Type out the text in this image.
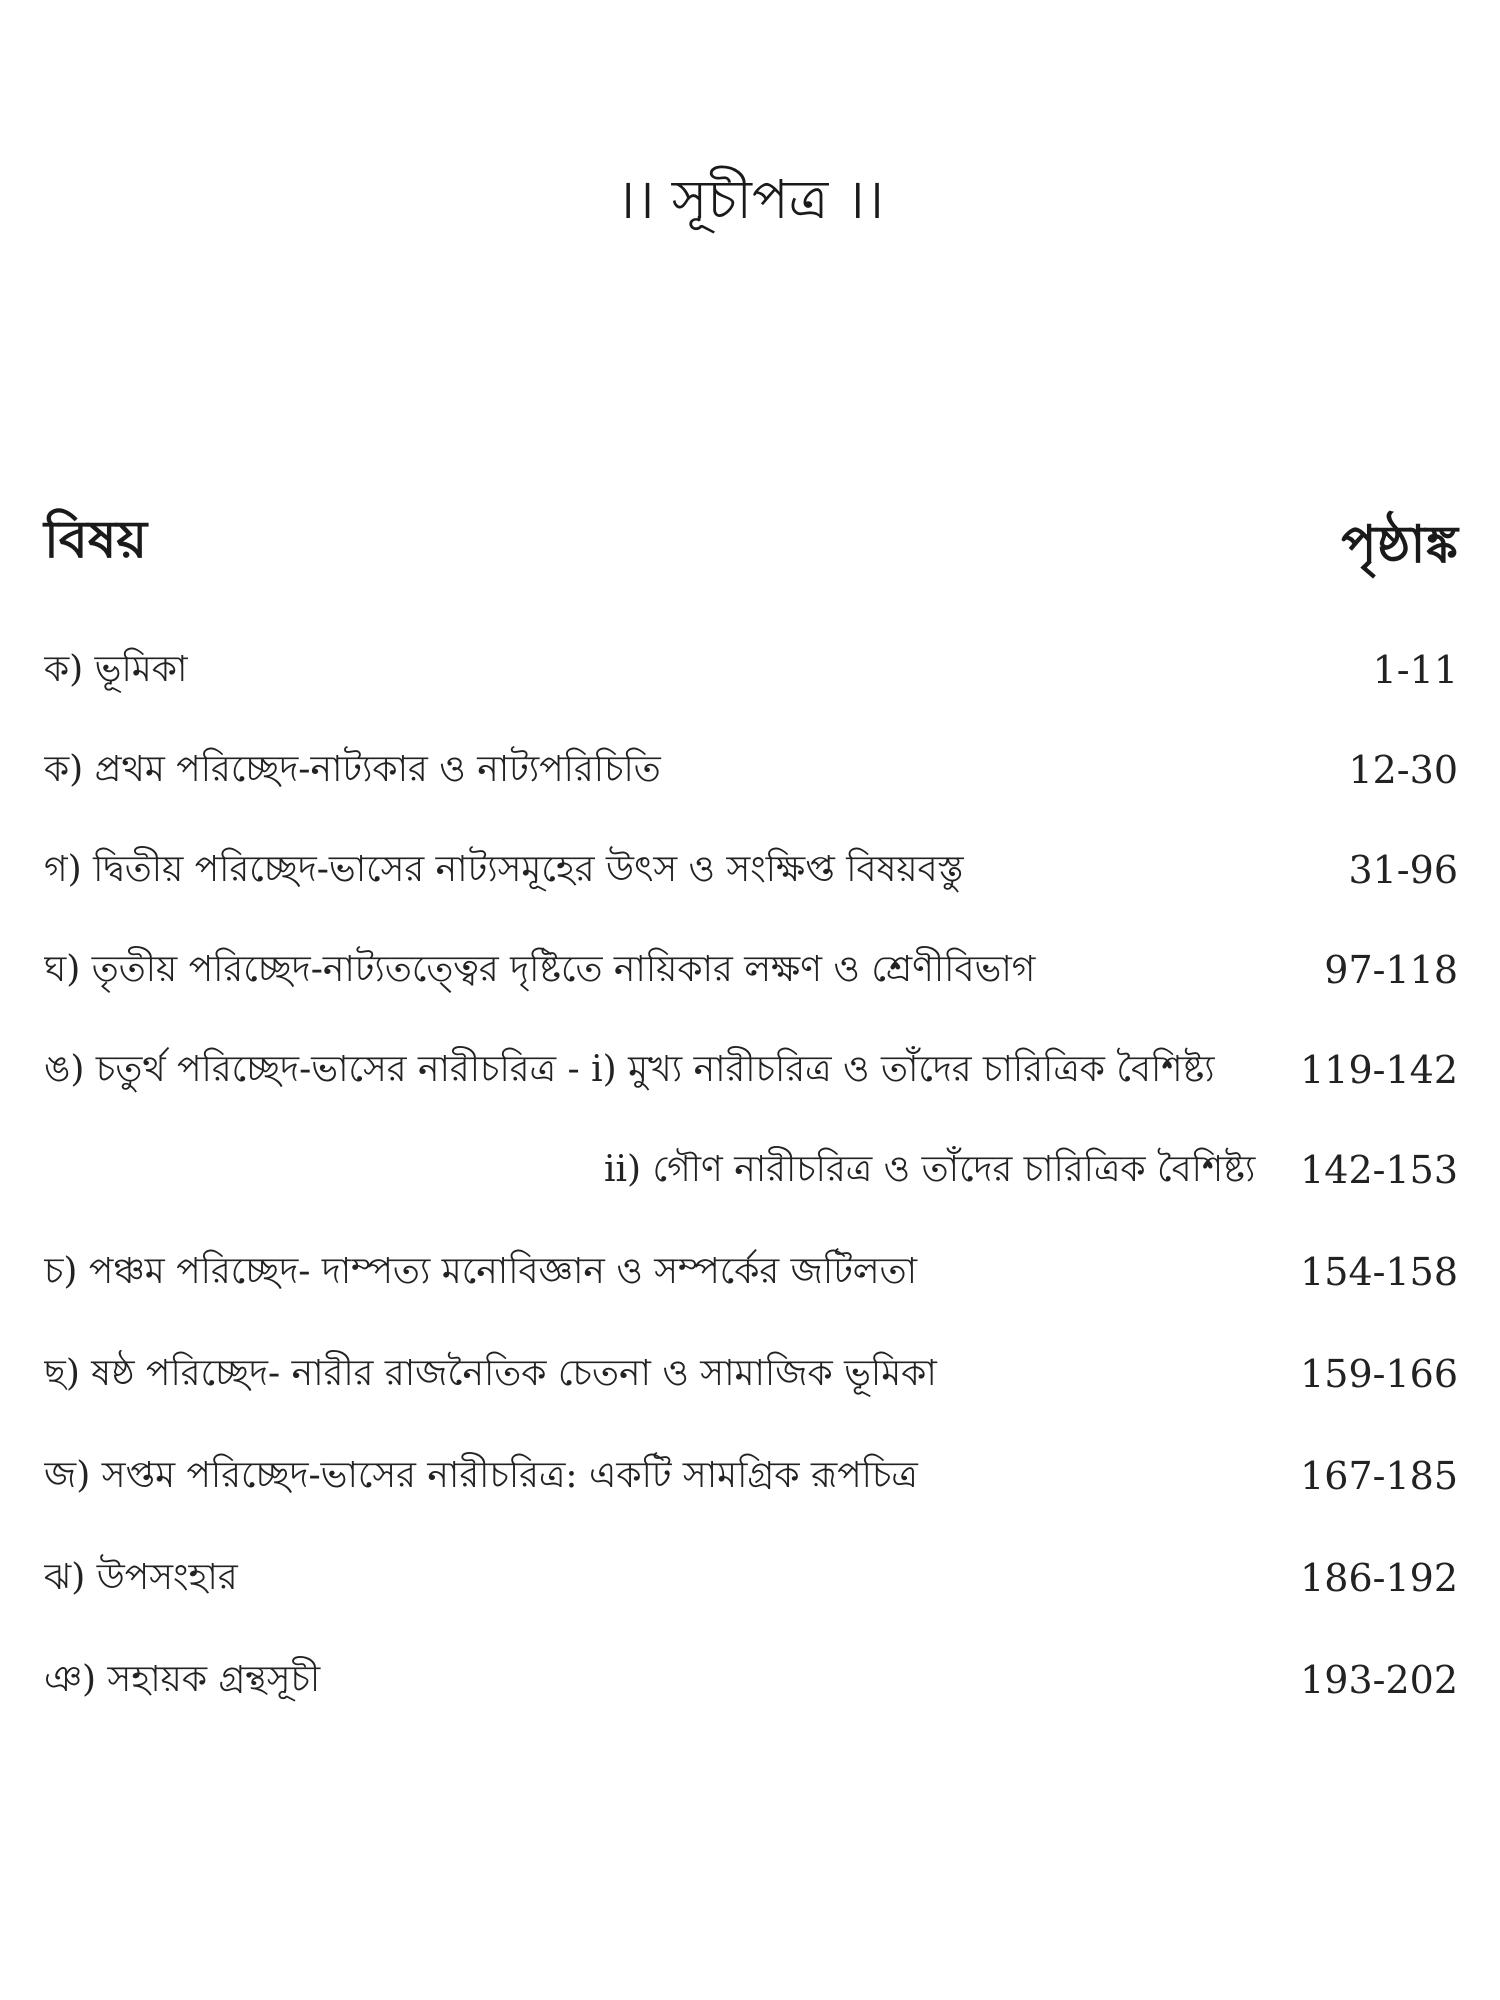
।। সূচীপত্র ।।
বিষয়	পৃষ্ঠাঙ্ক
ক) ভূমিকা	1-11
ক) প্রথম পরিচ্ছেদ-নাট্যকার ও নাট্যপরিচিতি	12-30
গ) দ্বিতীয় পরিচ্ছেদ-ভাসের নাট্যসমূহের উৎস ও সংক্ষিপ্ত বিষয়বস্তু	31-96
ঘ) তৃতীয় পরিচ্ছেদ-নাট্যতত্ত্বের দৃষ্টিতে নায়িকার লক্ষণ ও শ্রেণীবিভাগ	97-118
ঙ) চতুর্থ পরিচ্ছেদ-ভাসের নারীচরিত্র - i) মুখ্য নারীচরিত্র ও তাঁদের চারিত্রিক বৈশিষ্ট্য	119-142
ii) গৌণ নারীচরিত্র ও তাঁদের চারিত্রিক বৈশিষ্ট্য	142-153
চ) পঞ্চম পরিচ্ছেদ- দাম্পত্য মনোবিজ্ঞান ও সম্পর্কের জটিলতা	154-158
ছ) ষষ্ঠ পরিচ্ছেদ- নারীর রাজনৈতিক চেতনা ও সামাজিক ভূমিকা	159-166
জ) সপ্তম পরিচ্ছেদ-ভাসের নারীচরিত্র: একটি সামগ্রিক রূপচিত্র	167-185
ঝ) উপসংহার	186-192
ঞ) সহায়ক গ্রন্থসূচী	193-202
